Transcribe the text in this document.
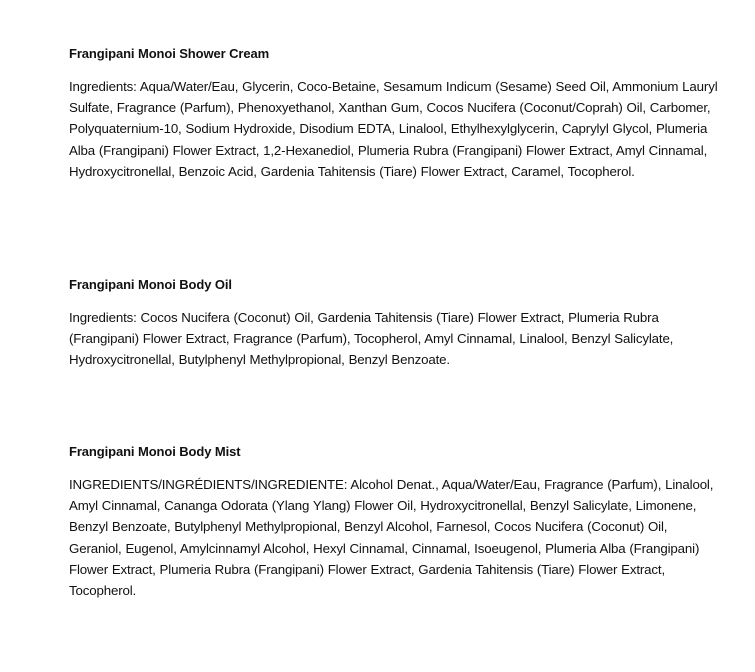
Frangipani Monoi Shower Cream

Ingredients: Aqua/Water/Eau, Glycerin, Coco-Betaine, Sesamum Indicum (Sesame) Seed Oil, Ammonium Lauryl Sulfate, Fragrance (Parfum), Phenoxyethanol, Xanthan Gum, Cocos Nucifera (Coconut/Coprah) Oil, Carbomer, Polyquaternium-10, Sodium Hydroxide, Disodium EDTA, Linalool, Ethylhexylglycerin, Caprylyl Glycol, Plumeria Alba (Frangipani) Flower Extract, 1,2-Hexanediol, Plumeria Rubra (Frangipani) Flower Extract, Amyl Cinnamal, Hydroxycitronellal, Benzoic Acid, Gardenia Tahitensis (Tiare) Flower Extract, Caramel, Tocopherol.

Frangipani Monoi Body Oil

Ingredients: Cocos Nucifera (Coconut) Oil, Gardenia Tahitensis (Tiare) Flower Extract, Plumeria Rubra (Frangipani) Flower Extract, Fragrance (Parfum), Tocopherol, Amyl Cinnamal, Linalool, Benzyl Salicylate, Hydroxycitronellal, Butylphenyl Methylpropional, Benzyl Benzoate.

Frangipani Monoi Body Mist

INGREDIENTS/INGRÉDIENTS/INGREDIENTE: Alcohol Denat., Aqua/Water/Eau, Fragrance (Parfum), Linalool, Amyl Cinnamal, Cananga Odorata (Ylang Ylang) Flower Oil, Hydroxycitronellal, Benzyl Salicylate, Limonene, Benzyl Benzoate, Butylphenyl Methylpropional, Benzyl Alcohol, Farnesol, Cocos Nucifera (Coconut) Oil, Geraniol, Eugenol, Amylcinnamyl Alcohol, Hexyl Cinnamal, Cinnamal, Isoeugenol, Plumeria Alba (Frangipani) Flower Extract, Plumeria Rubra (Frangipani) Flower Extract, Gardenia Tahitensis (Tiare) Flower Extract, Tocopherol.
